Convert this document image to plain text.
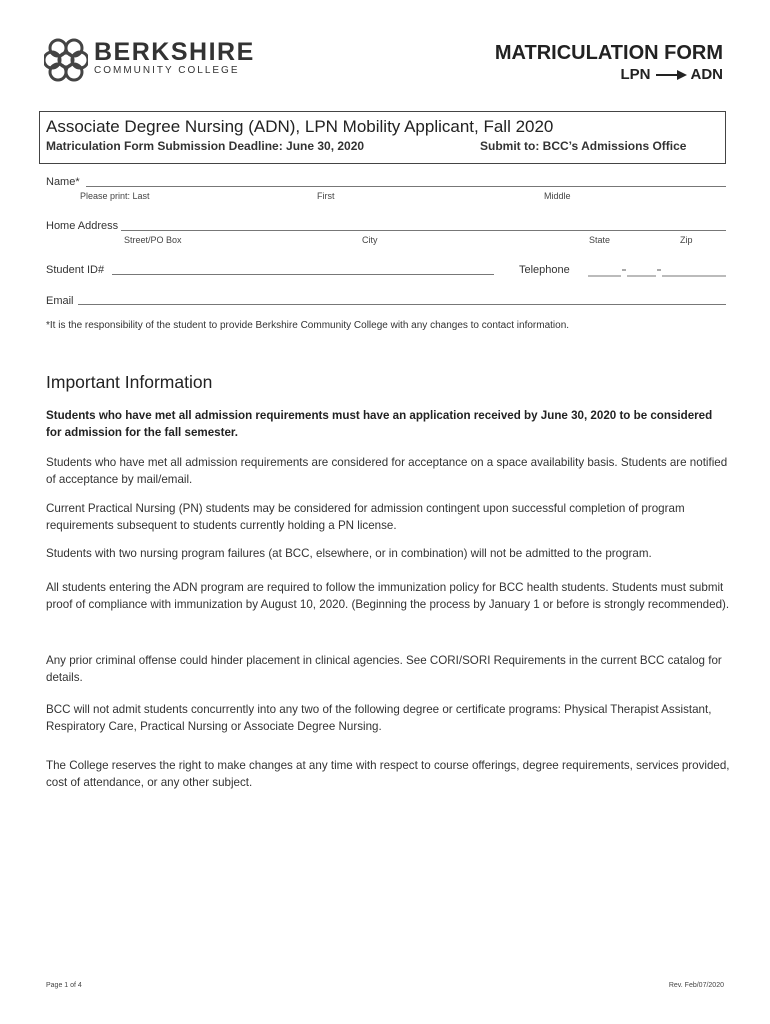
BERKSHIRE
COMMUNITY COLLEGE
MATRICULATION FORM
LPN	ADN
Associate Degree Nursing (ADN), LPN Mobility Applicant, Fall 2020
Matriculation Form Submission Deadline: June 30, 2020	Submit to: BCC’s Admissions Office
Name*
Please print: Last	First	Middle
Home Address
Street/PO Box	City	State	Zip
Student ID#	Telephone
Email
*It is the responsibility of the student to provide Berkshire Community College with any changes to contact information.
Important Information

Students who have met all admission requirements must have an application received by June 30, 2020 to be considered for admission for the fall semester.

Students who have met all admission requirements are considered for acceptance on a space availability basis. Students are notified of acceptance by mail/email.

Current Practical Nursing (PN) students may be considered for admission contingent upon successful completion of program requirements subsequent to students currently holding a PN license.

Students with two nursing program failures (at BCC, elsewhere, or in combination) will not be admitted to the program.

All students entering the ADN program are required to follow the immunization policy for BCC health students. Students must submit proof of compliance with immunization by August 10, 2020. (Beginning the process by January 1 or before is strongly recommended).

Any prior criminal offense could hinder placement in clinical agencies. See CORI/SORI Requirements in the current BCC catalog for details.

BCC will not admit students concurrently into any two of the following degree or certificate programs: Physical Therapist Assistant, Respiratory Care, Practical Nursing or Associate Degree Nursing.

The College reserves the right to make changes at any time with respect to course offerings, degree requirements, services provided, cost of attendance, or any other subject.

Page 1 of 4	Rev. Feb/07/2020
